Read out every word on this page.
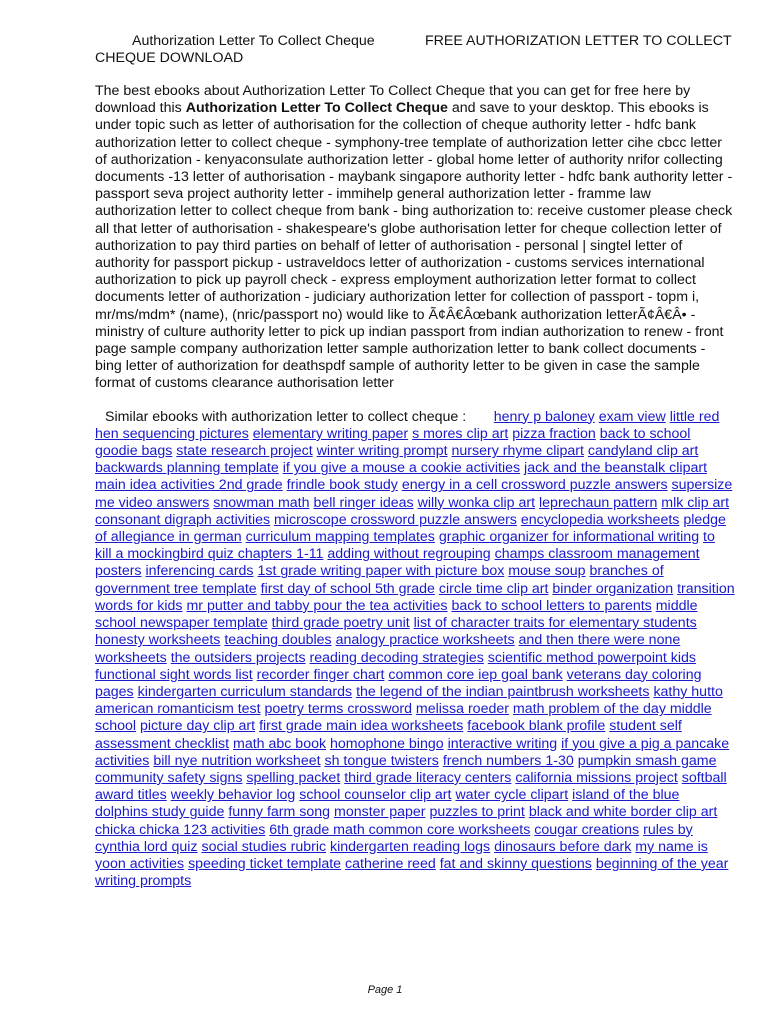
Authorization Letter To Collect Cheque	FREE AUTHORIZATION LETTER TO COLLECT CHEQUE DOWNLOAD

The best ebooks about Authorization Letter To Collect Cheque that you can get for free here by download this Authorization Letter To Collect Cheque and save to your desktop. This ebooks is under topic such as letter of authorisation for the collection of cheque authority letter - hdfc bank authorization letter to collect cheque - symphony-tree template of authorization letter cihe cbcc letter of authorization - kenyaconsulate authorization letter - global home letter of authority nrifor collecting documents -13 letter of authorisation - maybank singapore authority letter - hdfc bank authority letter - passport seva project authority letter - immihelp general authorization letter - framme law authorization letter to collect cheque from bank - bing authorization to: receive customer please check all that letter of authorisation - shakespeare's globe authorisation letter for cheque collection letter of authorization to pay third parties on behalf of letter of authorisation - personal | singtel letter of authority for passport pickup - ustraveldocs letter of authorization - customs services international authorization to pick up payroll check - express employment authorization letter format to collect documents letter of authorization - judiciary authorization letter for collection of passport - topm i, mr/ms/mdm* (name), (nric/passport no) would like to Ã¢Â€Âœbank authorization letterÃ¢Â€Â• - ministry of culture authority letter to pick up indian passport from indian authorization to renew - front page sample company authorization letter sample authorization letter to bank collect documents - bing letter of authorization for deathspdf sample of authority letter to be given in case the sample format of customs clearance authorisation letter

Similar ebooks with authorization letter to collect cheque : henry p baloney exam view little red hen sequencing pictures elementary writing paper s mores clip art pizza fraction back to school goodie bags state research project winter writing prompt nursery rhyme clipart candyland clip art backwards planning template if you give a mouse a cookie activities jack and the beanstalk clipart main idea activities 2nd grade frindle book study energy in a cell crossword puzzle answers supersize me video answers snowman math bell ringer ideas willy wonka clip art leprechaun pattern mlk clip art consonant digraph activities microscope crossword puzzle answers encyclopedia worksheets pledge of allegiance in german curriculum mapping templates graphic organizer for informational writing to kill a mockingbird quiz chapters 1-11 adding without regrouping champs classroom management posters inferencing cards 1st grade writing paper with picture box mouse soup branches of government tree template first day of school 5th grade circle time clip art binder organization transition words for kids mr putter and tabby pour the tea activities back to school letters to parents middle school newspaper template third grade poetry unit list of character traits for elementary students honesty worksheets teaching doubles analogy practice worksheets and then there were none worksheets the outsiders projects reading decoding strategies scientific method powerpoint kids functional sight words list recorder finger chart common core iep goal bank veterans day coloring pages kindergarten curriculum standards the legend of the indian paintbrush worksheets kathy hutto american romanticism test poetry terms crossword melissa roeder math problem of the day middle school picture day clip art first grade main idea worksheets facebook blank profile student self assessment checklist math abc book homophone bingo interactive writing if you give a pig a pancake activities bill nye nutrition worksheet sh tongue twisters french numbers 1-30 pumpkin smash game community safety signs spelling packet third grade literacy centers california missions project softball award titles weekly behavior log school counselor clip art water cycle clipart island of the blue dolphins study guide funny farm song monster paper puzzles to print black and white border clip art chicka chicka 123 activities 6th grade math common core worksheets cougar creations rules by cynthia lord quiz social studies rubric kindergarten reading logs dinosaurs before dark my name is yoon activities speeding ticket template catherine reed fat and skinny questions beginning of the year writing prompts

Page 1
